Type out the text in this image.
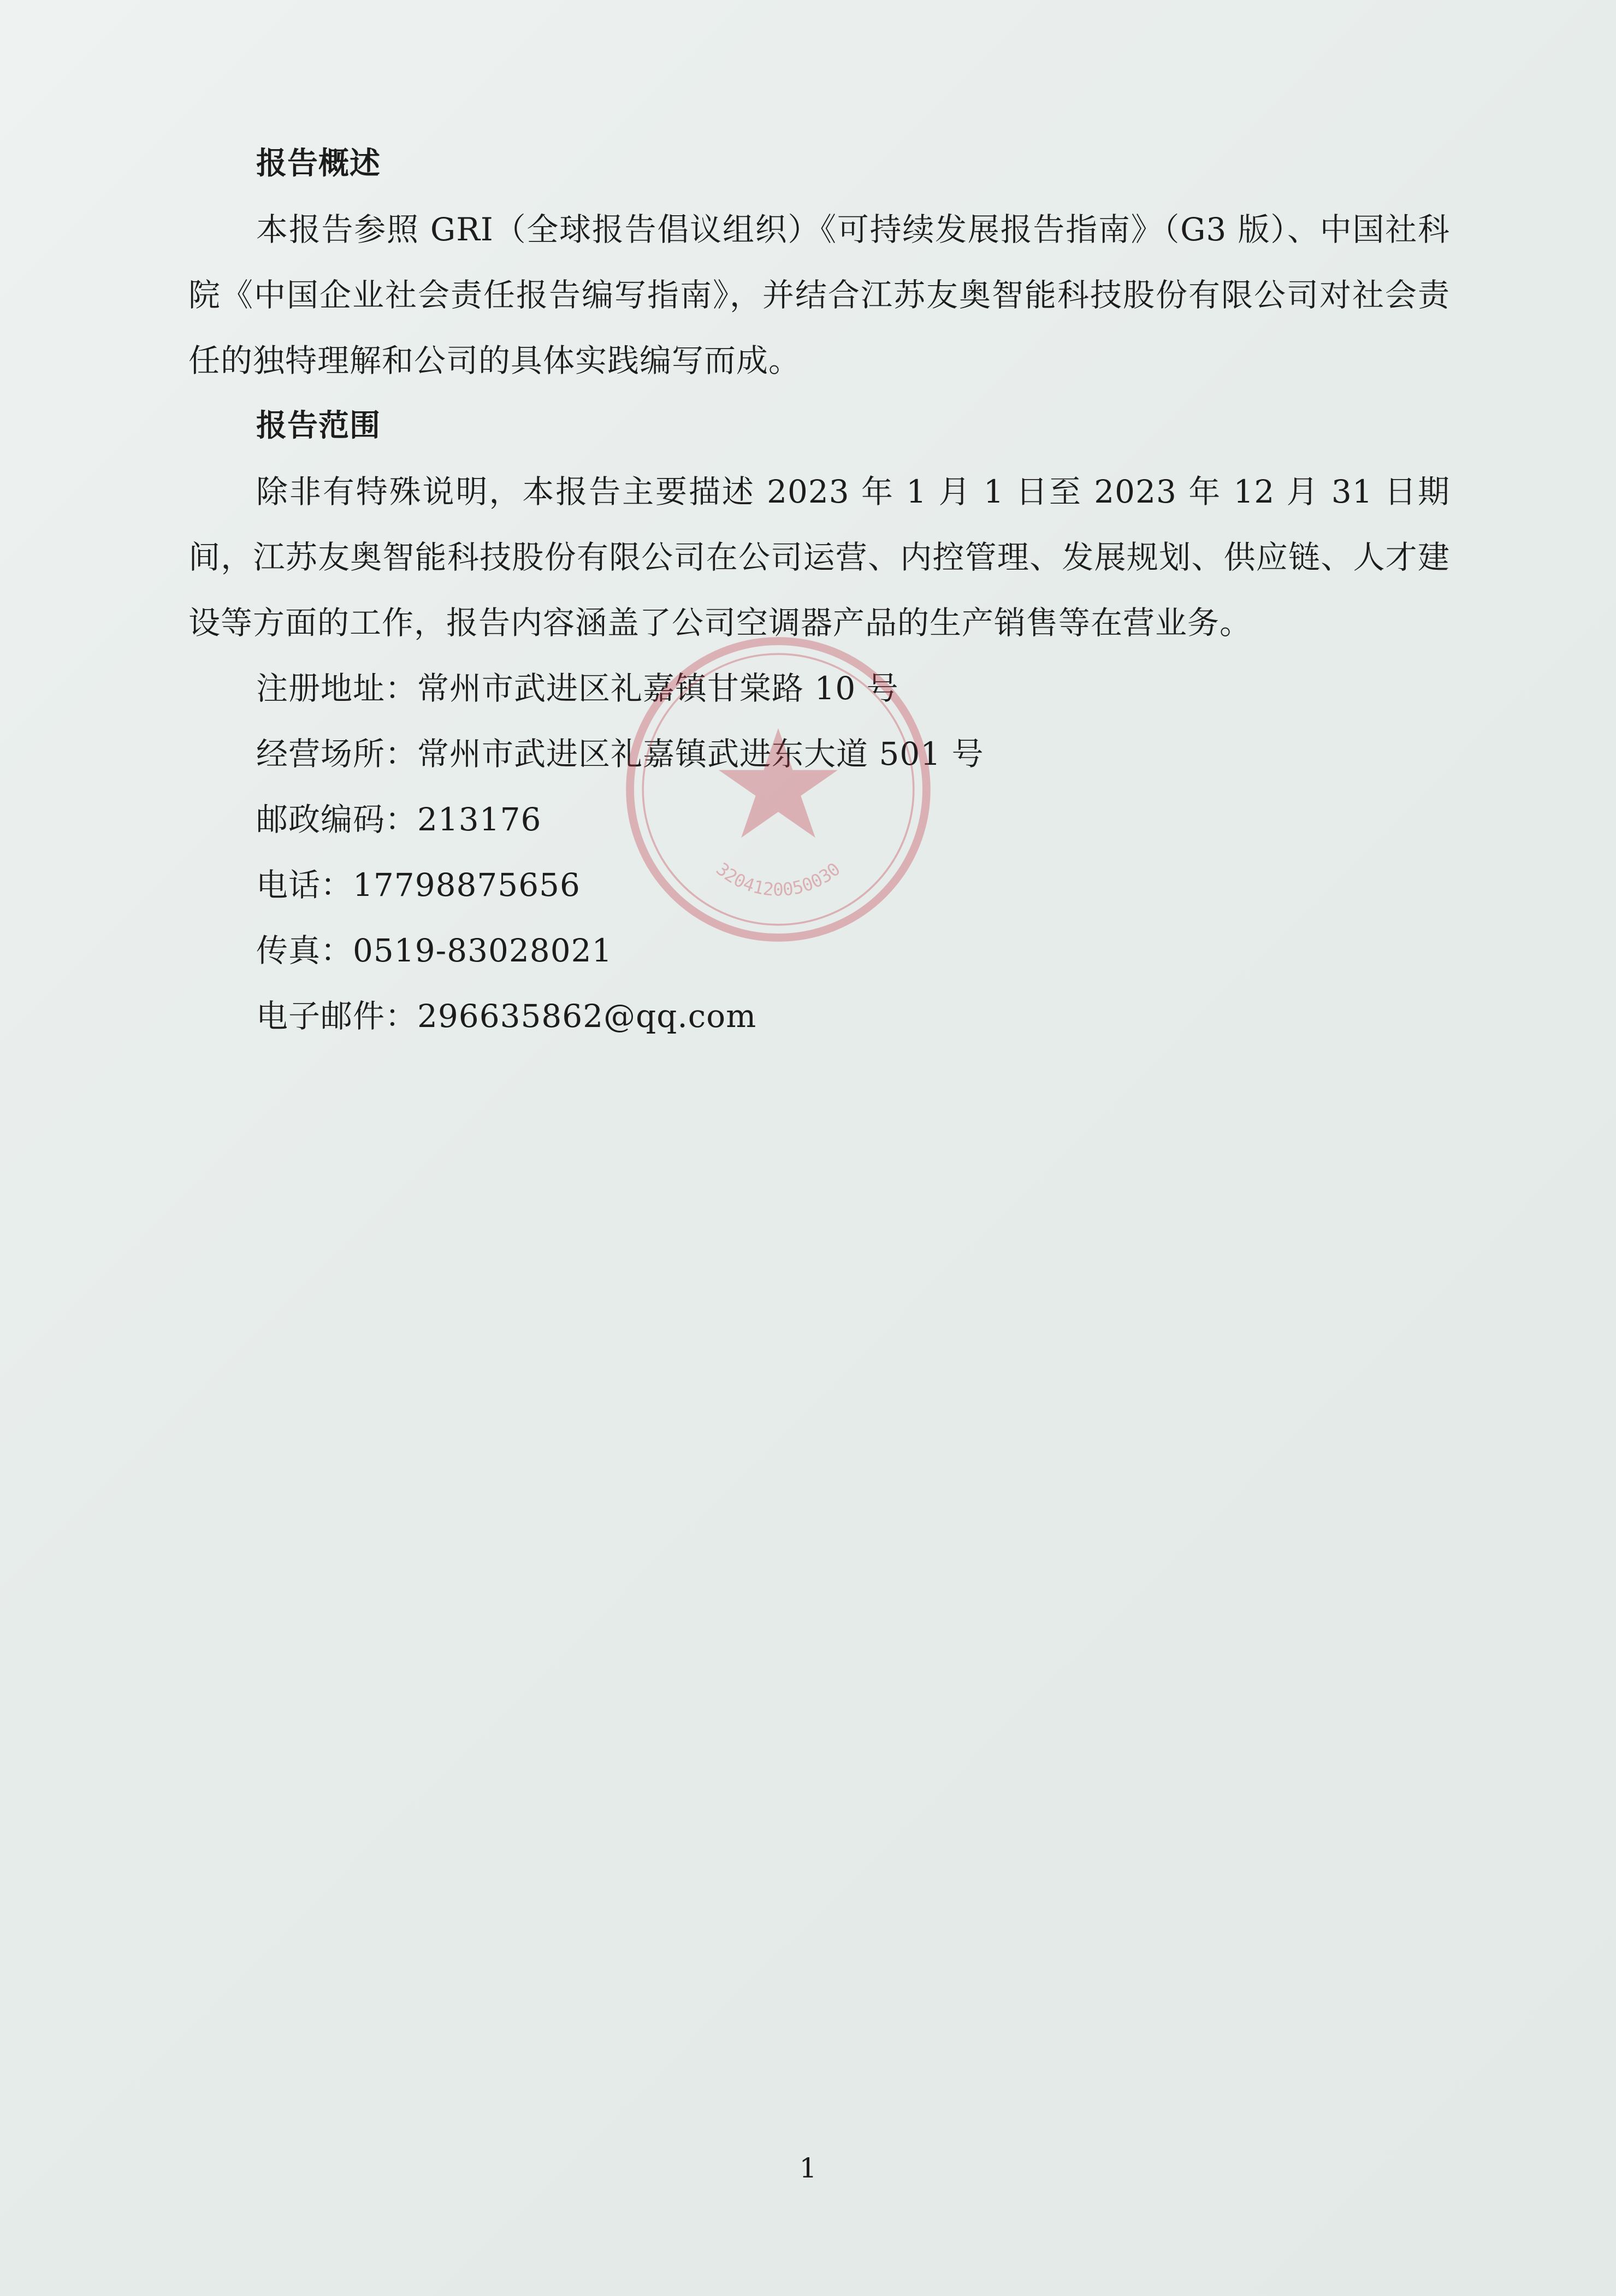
报告概述

本报告参照 GRI（全球报告倡议组织）《可持续发展报告指南》（G3 版）、中国社科院《中国企业社会责任报告编写指南》，并结合江苏友奥智能科技股份有限公司对社会责任的独特理解和公司的具体实践编写而成。

报告范围

除非有特殊说明，本报告主要描述 2023 年 1 月 1 日至 2023 年 12 月 31 日期间，江苏友奥智能科技股份有限公司在公司运营、内控管理、发展规划、供应链、人才建设等方面的工作，报告内容涵盖了公司空调器产品的生产销售等在营业务。

注册地址：常州市武进区礼嘉镇甘棠路 10 号

经营场所：常州市武进区礼嘉镇武进东大道 501 号

邮政编码：213176

电话：17798875656

传真：0519-83028021

电子邮件：296635862@qq.com

3204120050030
1
